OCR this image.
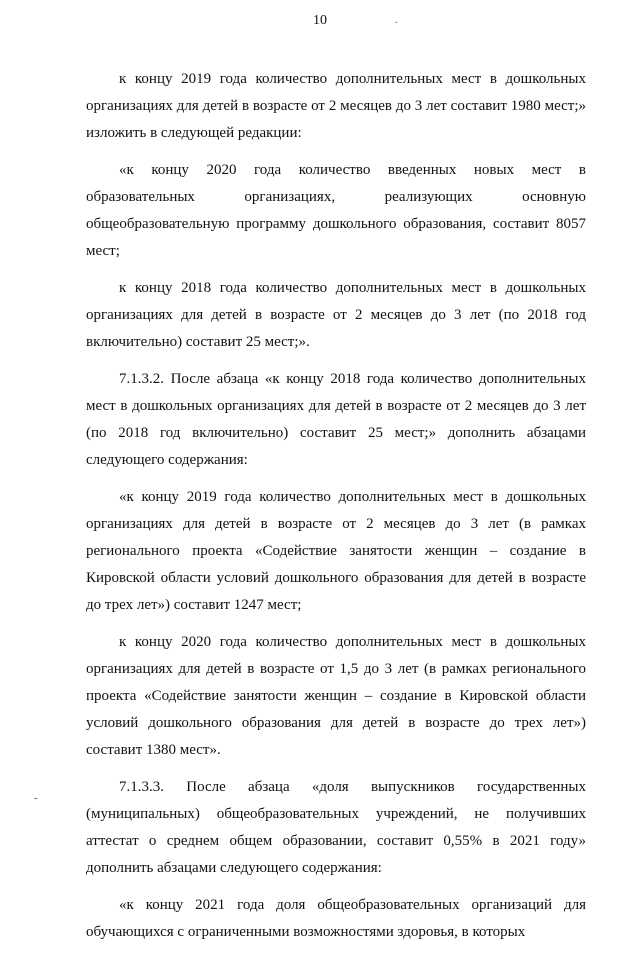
10	.
-

к концу 2019 года количество дополнительных мест в дошкольных организациях для детей в возрасте от 2 месяцев до 3 лет составит 1980 мест;» изложить в следующей редакции:

«к концу 2020 года количество введенных новых мест в образовательных организациях, реализующих основную общеобразовательную программу дошкольного образования, составит 8057 мест;

к концу 2018 года количество дополнительных мест в дошкольных организациях для детей в возрасте от 2 месяцев до 3 лет (по 2018 год включительно) составит 25 мест;».

7.1.3.2. После абзаца «к концу 2018 года количество дополнительных мест в дошкольных организациях для детей в возрасте от 2 месяцев до 3 лет (по 2018 год включительно) составит 25 мест;» дополнить абзацами следующего содержания:

«к концу 2019 года количество дополнительных мест в дошкольных организациях для детей в возрасте от 2 месяцев до 3 лет (в рамках регионального проекта «Содействие занятости женщин – создание в Кировской области условий дошкольного образования для детей в возрасте до трех лет») составит 1247 мест;

к концу 2020 года количество дополнительных мест в дошкольных организациях для детей в возрасте от 1,5 до 3 лет (в рамках регионального проекта «Содействие занятости женщин – создание в Кировской области условий дошкольного образования для детей в возрасте до трех лет») составит 1380 мест».

7.1.3.3. После абзаца «доля выпускников государственных (муниципальных) общеобразовательных учреждений, не получивших аттестат о среднем общем образовании, составит 0,55% в 2021 году» дополнить абзацами следующего содержания:

«к концу 2021 года доля общеобразовательных организаций для обучающихся с ограниченными возможностями здоровья, в которых
